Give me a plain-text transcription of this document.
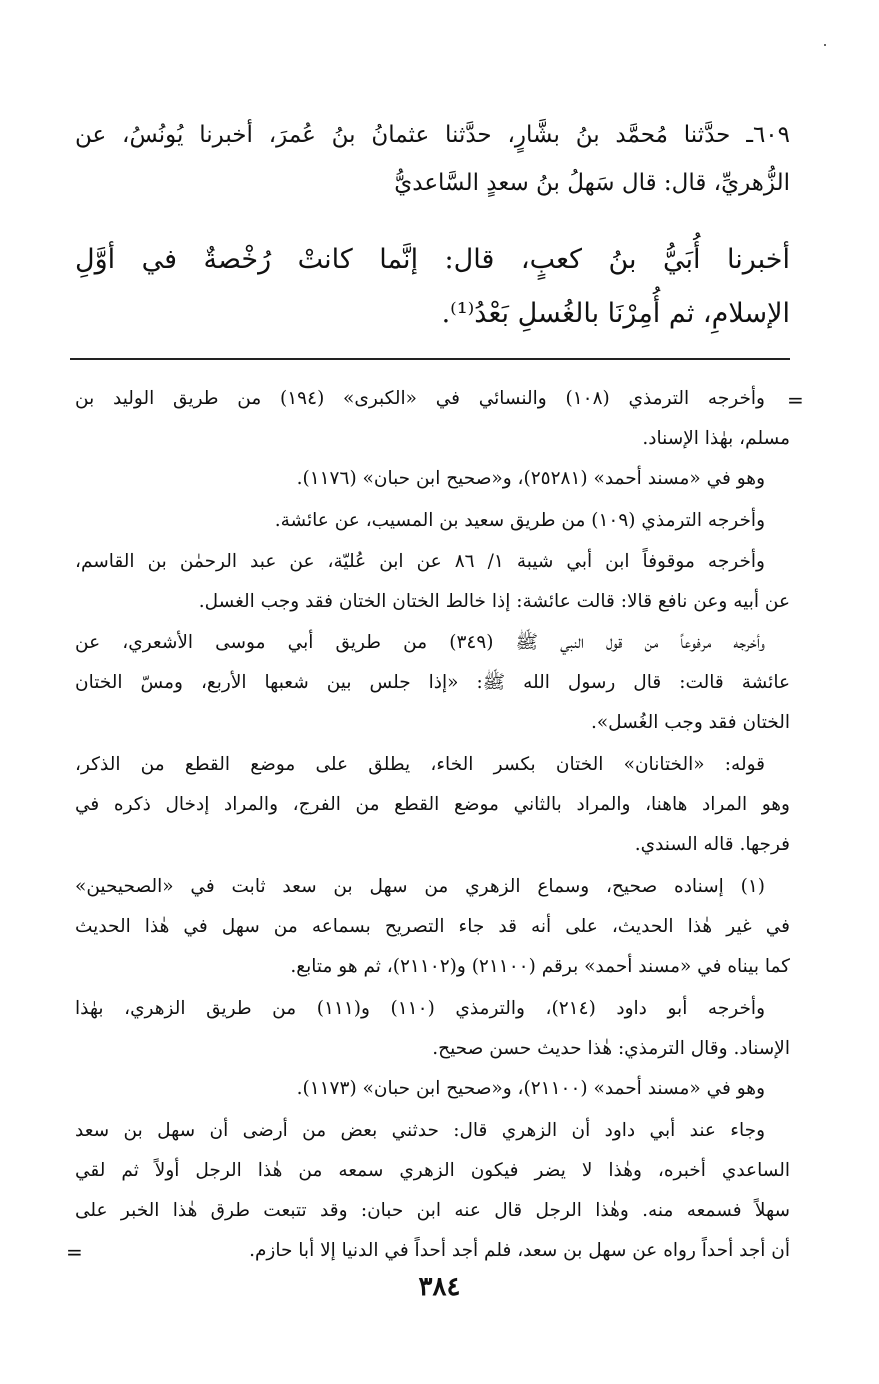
٦٠٩ـ حدَّثنا مُحمَّد بنُ بشَّارٍ، حدَّثنا عثمانُ بنُ عُمرَ، أخبرنا يُونُسُ، عن
الزُّهريِّ، قال: قال سَهلُ بنُ سعدٍ السَّاعديُّ
أخبرنا أُبَيُّ بنُ كعبٍ، قال: إنَّما كانتْ رُخْصةٌ في أوَّلِ
الإسلامِ، ثم أُمِرْنَا بالغُسلِ بَعْدُ⁽¹⁾.
=
وأخرجه الترمذي (١٠٨) والنسائي في «الكبرى» (١٩٤) من طريق الوليد بن
مسلم، بهٰذا الإسناد.
وهو في «مسند أحمد» (٢٥٢٨١)، و«صحيح ابن حبان» (١١٧٦).
وأخرجه الترمذي (١٠٩) من طريق سعيد بن المسيب، عن عائشة.
وأخرجه موقوفاً ابن أبي شيبة ١/ ٨٦ عن ابن عُليّة، عن عبد الرحمٰن بن القاسم،
عن أبيه وعن نافع قالا: قالت عائشة: إذا خالط الختان الختان فقد وجب الغسل.
وأخرجه مرفوعاً من قول النبي ﷺ (٣٤٩) من طريق أبي موسى الأشعري، عن
عائشة قالت: قال رسول الله ﷺ: «إذا جلس بين شعبها الأربع، ومسّ الختان
الختان فقد وجب الغُسل».
قوله: «الختانان» الختان بكسر الخاء، يطلق على موضع القطع من الذكر،
وهو المراد هاهنا، والمراد بالثاني موضع القطع من الفرج، والمراد إدخال ذكره في
فرجها. قاله السندي.
(١) إسناده صحيح، وسماع الزهري من سهل بن سعد ثابت في «الصحيحين»
في غير هٰذا الحديث، على أنه قد جاء التصريح بسماعه من سهل في هٰذا الحديث
كما بيناه في «مسند أحمد» برقم (٢١١٠٠) و(٢١١٠٢)، ثم هو متابع.
وأخرجه أبو داود (٢١٤)، والترمذي (١١٠) و(١١١) من طريق الزهري، بهٰذا
الإسناد. وقال الترمذي: هٰذا حديث حسن صحيح.
وهو في «مسند أحمد» (٢١١٠٠)، و«صحيح ابن حبان» (١١٧٣).
وجاء عند أبي داود أن الزهري قال: حدثني بعض من أرضى أن سهل بن سعد
الساعدي أخبره، وهٰذا لا يضر فيكون الزهري سمعه من هٰذا الرجل أولاً ثم لقي
سهلاً فسمعه منه. وهٰذا الرجل قال عنه ابن حبان: وقد تتبعت طرق هٰذا الخبر على
أن أجد أحداً رواه عن سهل بن سعد، فلم أجد أحداً في الدنيا إلا أبا حازم.
=
٣٨٤
